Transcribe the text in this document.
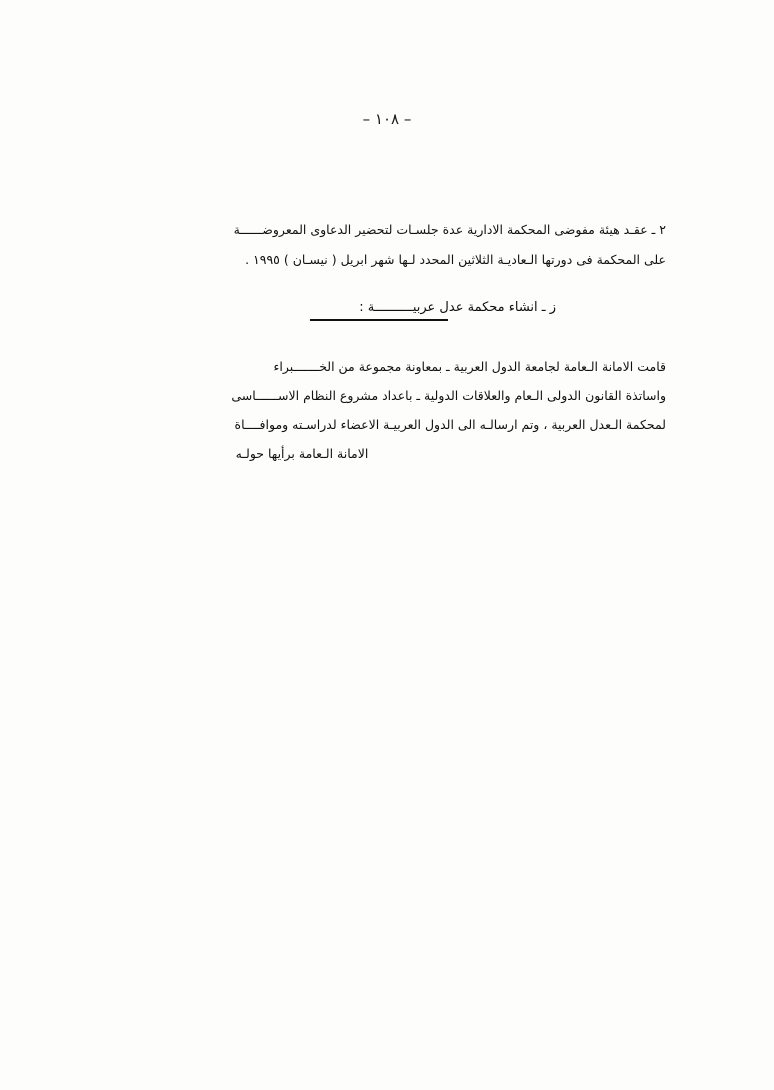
– ١٠٨ –
٢ ـ عقـد هيئة مفوضى المحكمة الادارية عدة جلسـات لتحضير الدعاوى المعروضــــــة
على المحكمة فى دورتها الـعاديـة الثلاثين المحدد لـها شهر ابريل ( نيسـان ) ١٩٩٥ .
ز ـ انشاء محكمة عدل عربيــــــــــة :
قامت الامانة الـعامة لجامعة الدول العربية ـ بمعاونة مجموعة من الخـــــــبراء
واساتذة القانون الدولى الـعام والعلاقات الدولية ـ باعداد مشروع النظام الاســــــاسى
لمحكمة الـعدل العربية ، وتم ارسالـه الى الدول العربيـة الاعضاء لدراسـته وموافــــاة
الامانة الـعامة برأيها حولـه
